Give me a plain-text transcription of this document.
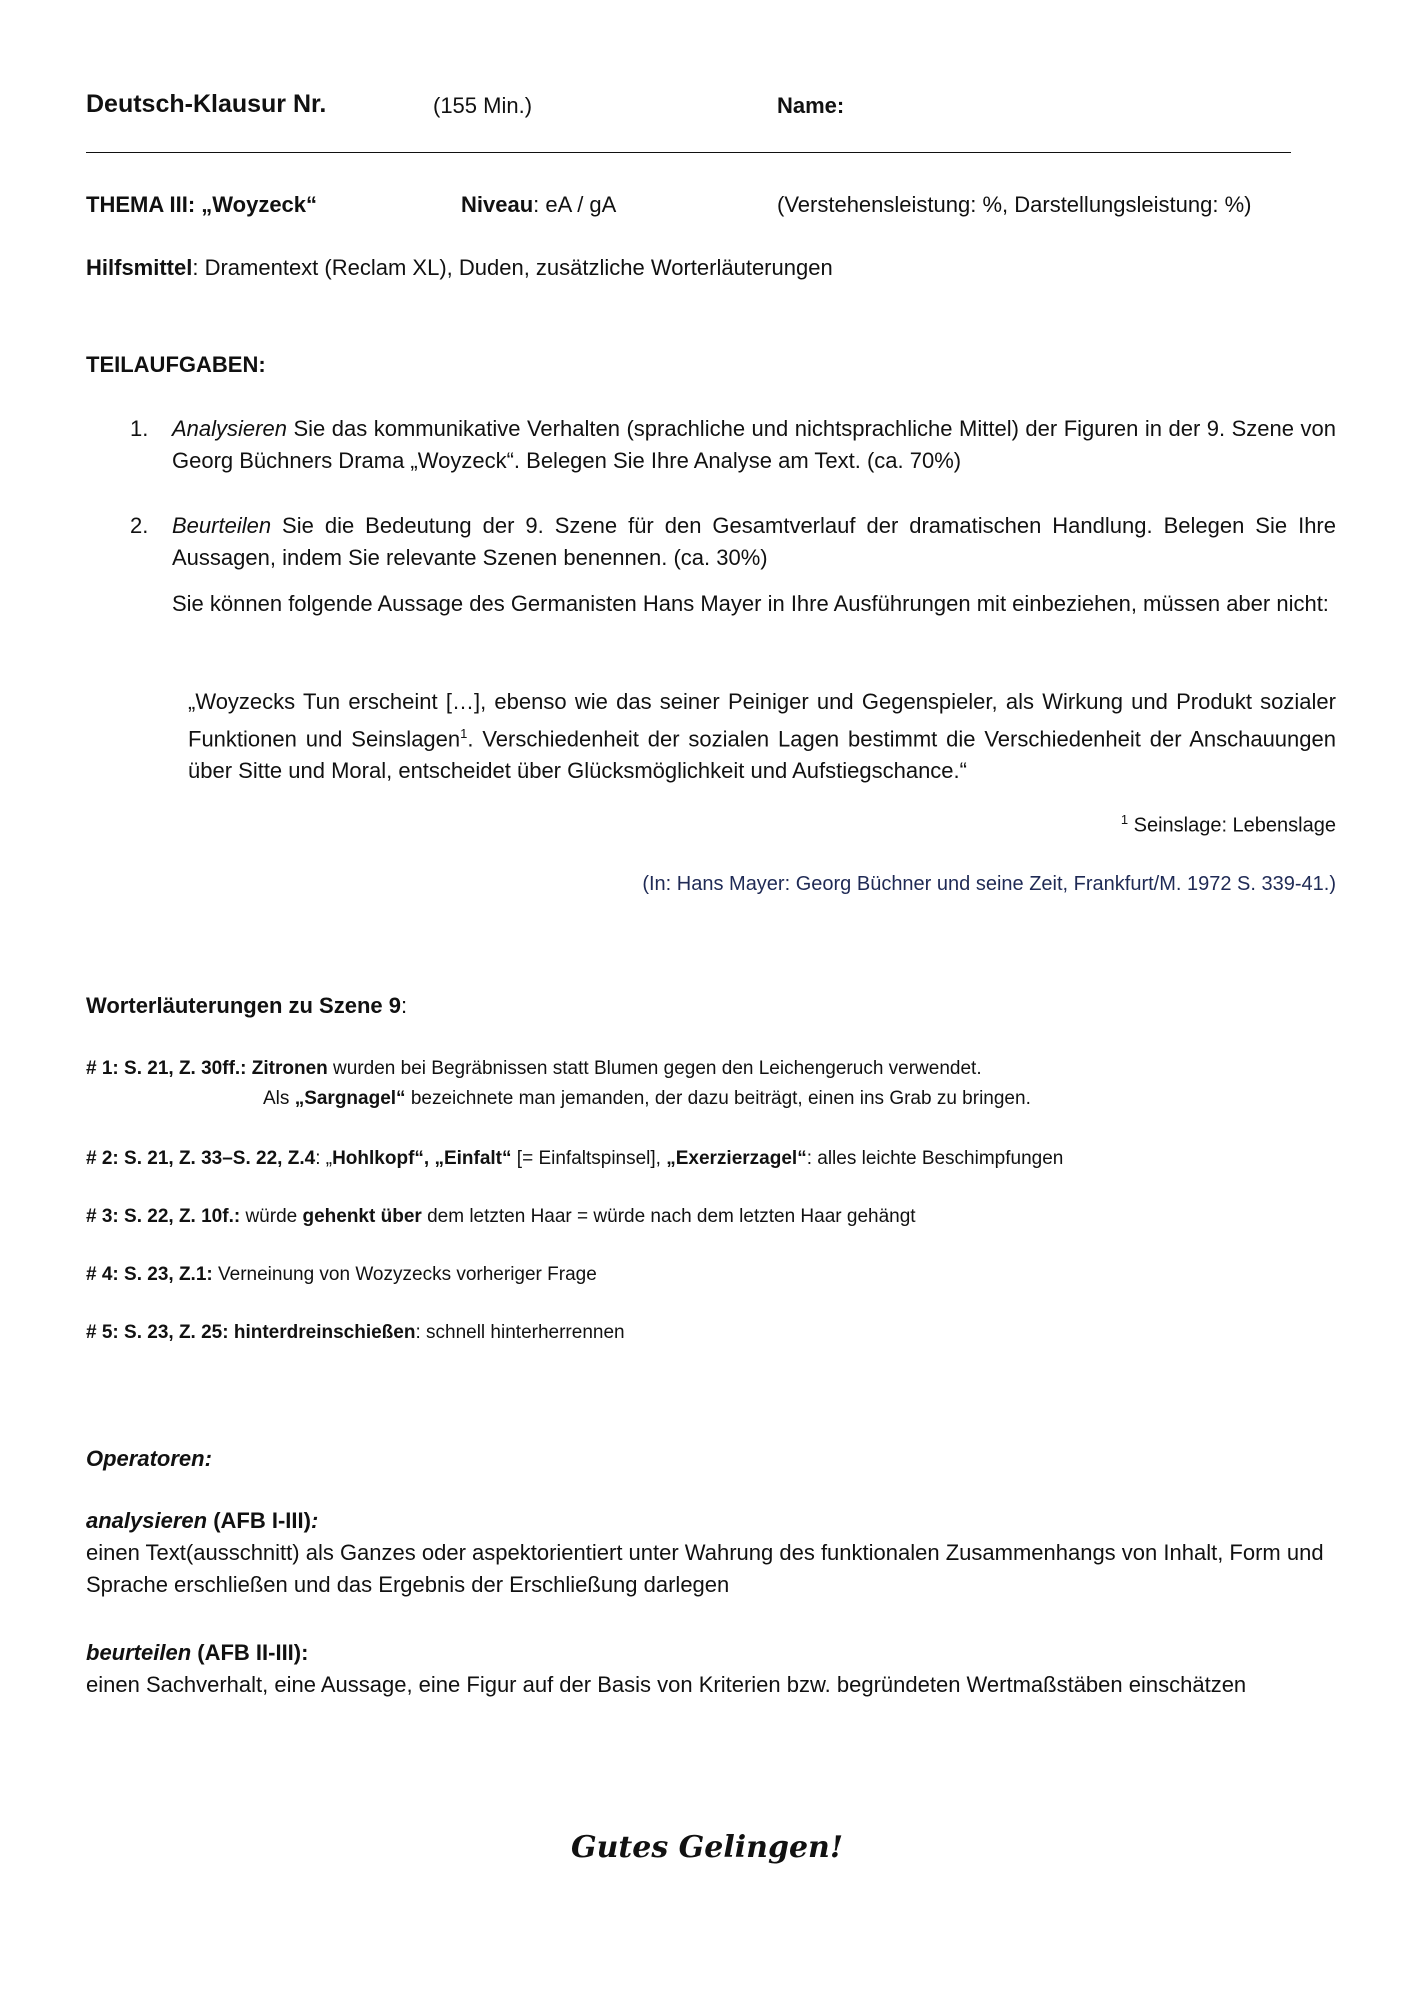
Deutsch-Klausur Nr.	(155 Min.)	Name:
THEMA III: „Woyzeck“	Niveau: eA / gA	(Verstehensleistung: %, Darstellungsleistung: %)
Hilfsmittel: Dramentext (Reclam XL), Duden, zusätzliche Worterläuterungen
TEILAUFGABEN:
1. Analysieren Sie das kommunikative Verhalten (sprachliche und nichtsprachliche Mittel) der Figuren in der 9. Szene von Georg Büchners Drama „Woyzeck“. Belegen Sie Ihre Analyse am Text. (ca. 70%)
2. Beurteilen Sie die Bedeutung der 9. Szene für den Gesamtverlauf der dramatischen Handlung. Belegen Sie Ihre Aussagen, indem Sie relevante Szenen benennen. (ca. 30%)
Sie können folgende Aussage des Germanisten Hans Mayer in Ihre Ausführungen mit einbeziehen, müssen aber nicht:
„Woyzecks Tun erscheint […], ebenso wie das seiner Peiniger und Gegenspieler, als Wirkung und Produkt sozialer Funktionen und Seinslagen$^1$. Verschiedenheit der sozialen Lagen bestimmt die Verschiedenheit der Anschauungen über Sitte und Moral, entscheidet über Glücksmöglichkeit und Aufstiegschance.“
$^1$ Seinslage: Lebenslage
(In: Hans Mayer: Georg Büchner und seine Zeit, Frankfurt/M. 1972 S. 339-41.)
Worterläuterungen zu Szene 9:
# 1: S. 21, Z. 30ff.: Zitronen wurden bei Begräbnissen statt Blumen gegen den Leichengeruch verwendet.
Als „Sargnagel“ bezeichnete man jemanden, der dazu beiträgt, einen ins Grab zu bringen.
# 2: S. 21, Z. 33–S. 22, Z.4: „Hohlkopf“, „Einfalt“ [= Einfaltspinsel], „Exerzierzagel“: alles leichte Beschimpfungen
# 3: S. 22, Z. 10f.: würde gehenkt über dem letzten Haar = würde nach dem letzten Haar gehängt
# 4: S. 23, Z.1: Verneinung von Wozyzecks vorheriger Frage
# 5: S. 23, Z. 25: hinterdreinschießen: schnell hinterherrennen
Operatoren:
analysieren (AFB I-III):
einen Text(ausschnitt) als Ganzes oder aspektorientiert unter Wahrung des funktionalen Zusammenhangs von Inhalt, Form und Sprache erschließen und das Ergebnis der Erschließung darlegen
beurteilen (AFB II-III):
einen Sachverhalt, eine Aussage, eine Figur auf der Basis von Kriterien bzw. begründeten Wertmaßstäben einschätzen
Gutes Gelingen!
